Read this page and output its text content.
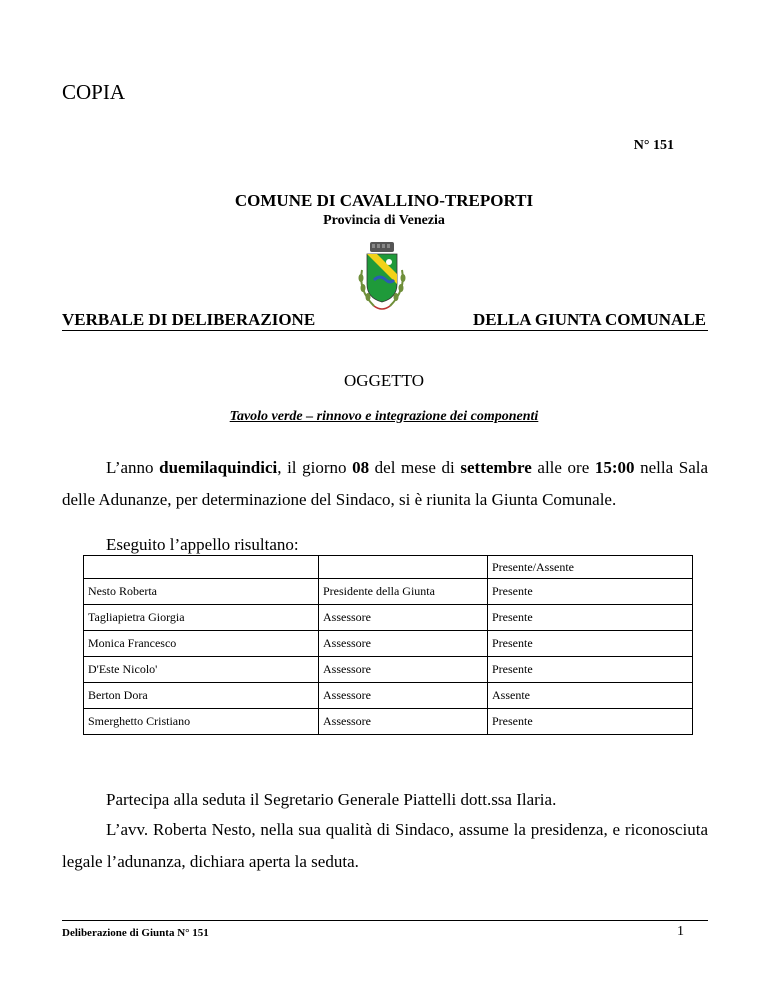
COPIA
N° 151
COMUNE DI CAVALLINO-TREPORTI
Provincia di Venezia
VERBALE DI DELIBERAZIONE	DELLA GIUNTA COMUNALE
OGGETTO
Tavolo verde – rinnovo e integrazione dei componenti
L’anno duemilaquindici, il giorno 08 del mese di settembre alle ore 15:00 nella Sala delle Adunanze, per determinazione del Sindaco, si è riunita la Giunta Comunale.
Eseguito l’appello risultano:
		Presente/Assente
Nesto Roberta	Presidente della Giunta	Presente
Tagliapietra Giorgia	Assessore	Presente
Monica Francesco	Assessore	Presente
D'Este Nicolo'	Assessore	Presente
Berton Dora	Assessore	Assente
Smerghetto Cristiano	Assessore	Presente
Partecipa alla seduta il Segretario Generale Piattelli dott.ssa Ilaria.
L’avv. Roberta Nesto, nella sua qualità di Sindaco, assume la presidenza, e riconosciuta legale l’adunanza, dichiara aperta la seduta.
Deliberazione di Giunta N° 151	1
